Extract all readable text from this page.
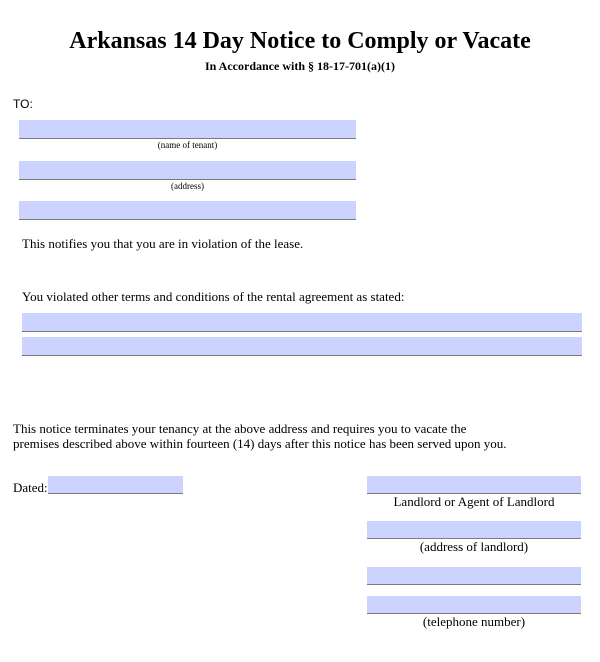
Arkansas 14 Day Notice to Comply or Vacate
In Accordance with § 18-17-701(a)(1)
TO:
(name of tenant)
(address)
This notifies you that you are in violation of the lease.
You violated other terms and conditions of the rental agreement as stated:
This notice terminates your tenancy at the above address and requires you to vacate the
premises described above within fourteen (14) days after this notice has been served upon you.
Dated:
Landlord or Agent of Landlord
(address of landlord)
(telephone number)
